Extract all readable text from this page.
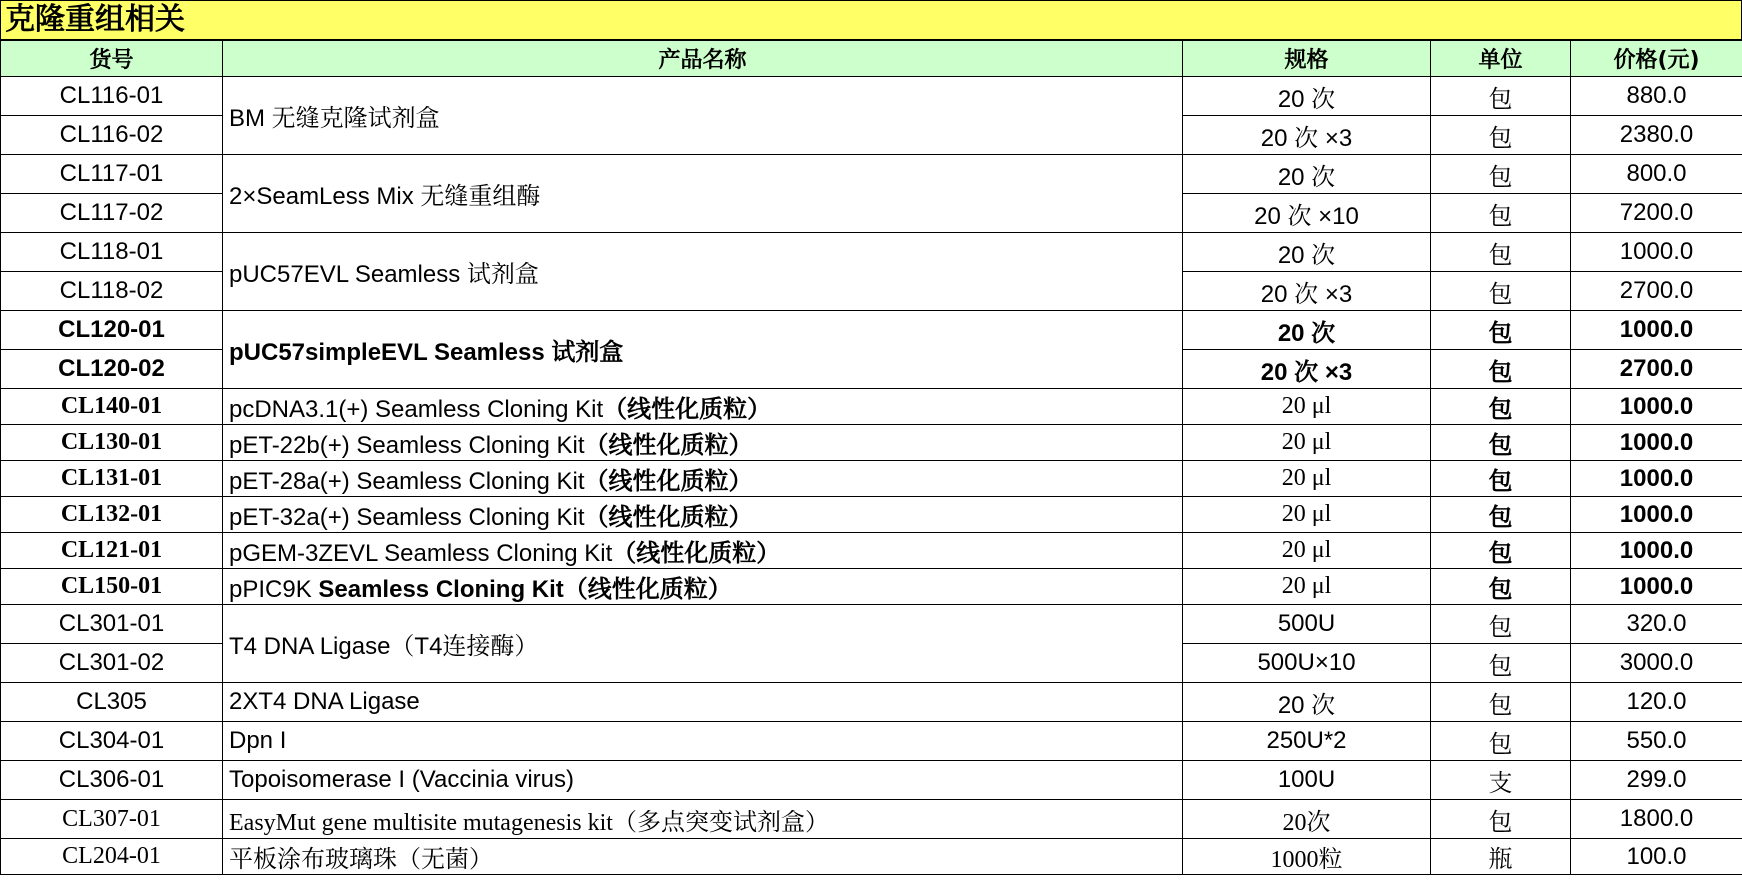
克隆重组相关
货号	产品名称	规格	单位	价格(元)
CL116-01	BM 无缝克隆试剂盒	20 次	包	880.0
CL116-02		20 次 ×3	包	2380.0
CL117-01	2×SeamLess Mix 无缝重组酶	20 次	包	800.0
CL117-02		20 次 ×10	包	7200.0
CL118-01	pUC57EVL Seamless 试剂盒	20 次	包	1000.0
CL118-02		20 次 ×3	包	2700.0
CL120-01	pUC57simpleEVL Seamless 试剂盒	20 次	包	1000.0
CL120-02		20 次 ×3	包	2700.0
CL140-01	pcDNA3.1(+) Seamless Cloning Kit（线性化质粒）	20 μl	包	1000.0
CL130-01	pET-22b(+) Seamless Cloning Kit（线性化质粒）	20 μl	包	1000.0
CL131-01	pET-28a(+) Seamless Cloning Kit（线性化质粒）	20 μl	包	1000.0
CL132-01	pET-32a(+) Seamless Cloning Kit（线性化质粒）	20 μl	包	1000.0
CL121-01	pGEM-3ZEVL Seamless Cloning Kit（线性化质粒）	20 μl	包	1000.0
CL150-01	pPIC9K Seamless Cloning Kit（线性化质粒）	20 μl	包	1000.0
CL301-01	T4 DNA Ligase（T4连接酶）	500U	包	320.0
CL301-02		500U×10	包	3000.0
CL305	2XT4 DNA Ligase	20 次	包	120.0
CL304-01	Dpn I	250U*2	包	550.0
CL306-01	Topoisomerase I (Vaccinia virus)	100U	支	299.0
CL307-01	EasyMut gene multisite mutagenesis kit（多点突变试剂盒）	20次	包	1800.0
CL204-01	平板涂布玻璃珠（无菌）	1000粒	瓶	100.0
